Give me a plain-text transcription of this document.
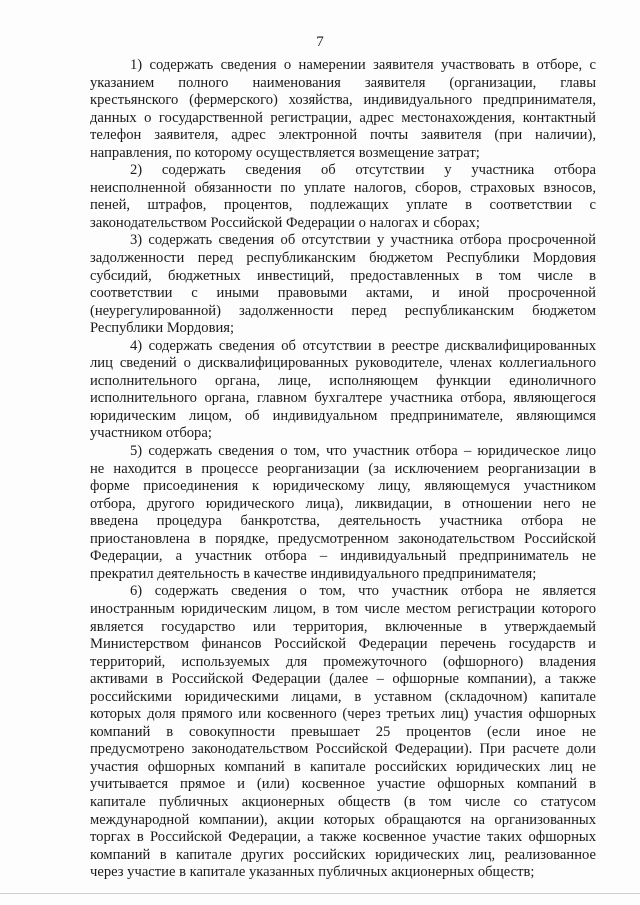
7
1) содержать сведения о намерении заявителя участвовать в отборе, с
указанием полного наименования заявителя (организации, главы
крестьянского (фермерского) хозяйства, индивидуального предпринимателя,
данных о государственной регистрации, адрес местонахождения, контактный
телефон заявителя, адрес электронной почты заявителя (при наличии),
направления, по которому осуществляется возмещение затрат;
2) содержать сведения об отсутствии у участника отбора
неисполненной обязанности по уплате налогов, сборов, страховых взносов,
пеней, штрафов, процентов, подлежащих уплате в соответствии с
законодательством Российской Федерации о налогах и сборах;
3) содержать сведения об отсутствии у участника отбора просроченной
задолженности перед республиканским бюджетом Республики Мордовия
субсидий, бюджетных инвестиций, предоставленных в том числе в
соответствии с иными правовыми актами, и иной просроченной
(неурегулированной) задолженности перед республиканским бюджетом
Республики Мордовия;
4) содержать сведения об отсутствии в реестре дисквалифицированных
лиц сведений о дисквалифицированных руководителе, членах коллегиального
исполнительного органа, лице, исполняющем функции единоличного
исполнительного органа, главном бухгалтере участника отбора, являющегося
юридическим лицом, об индивидуальном предпринимателе, являющимся
участником отбора;
5) содержать сведения о том, что участник отбора – юридическое лицо
не находится в процессе реорганизации (за исключением реорганизации в
форме присоединения к юридическому лицу, являющемуся участником
отбора, другого юридического лица), ликвидации, в отношении него не
введена процедура банкротства, деятельность участника отбора не
приостановлена в порядке, предусмотренном законодательством Российской
Федерации, а участник отбора – индивидуальный предприниматель не
прекратил деятельность в качестве индивидуального предпринимателя;
6) содержать сведения о том, что участник отбора не является
иностранным юридическим лицом, в том числе местом регистрации которого
является государство или территория, включенные в утверждаемый
Министерством финансов Российской Федерации перечень государств и
территорий, используемых для промежуточного (офшорного) владения
активами в Российской Федерации (далее – офшорные компании), а также
российскими юридическими лицами, в уставном (складочном) капитале
которых доля прямого или косвенного (через третьих лиц) участия офшорных
компаний в совокупности превышает 25 процентов (если иное не
предусмотрено законодательством Российской Федерации). При расчете доли
участия офшорных компаний в капитале российских юридических лиц не
учитывается прямое и (или) косвенное участие офшорных компаний в
капитале публичных акционерных обществ (в том числе со статусом
международной компании), акции которых обращаются на организованных
торгах в Российской Федерации, а также косвенное участие таких офшорных
компаний в капитале других российских юридических лиц, реализованное
через участие в капитале указанных публичных акционерных обществ;
